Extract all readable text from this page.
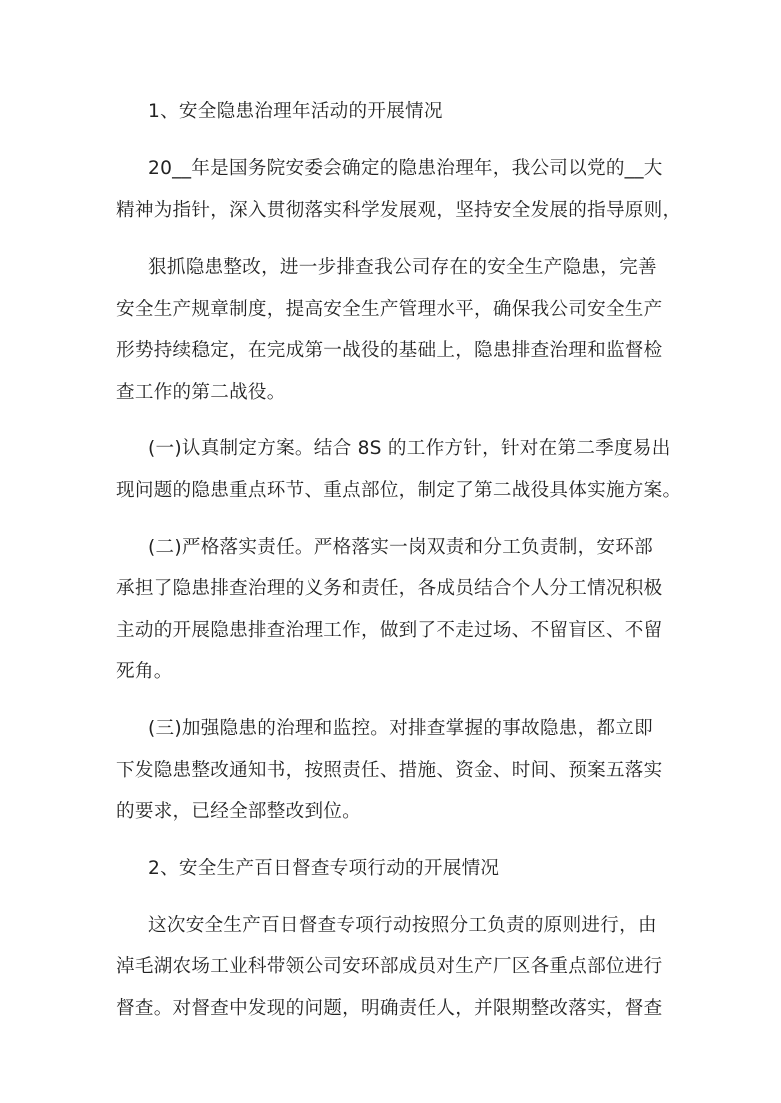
1、安全隐患治理年活动的开展情况
20__年是国务院安委会确定的隐患治理年，我公司以党的__大
精神为指针，深入贯彻落实科学发展观，坚持安全发展的指导原则，
狠抓隐患整改，进一步排查我公司存在的安全生产隐患，完善
安全生产规章制度，提高安全生产管理水平，确保我公司安全生产
形势持续稳定，在完成第一战役的基础上，隐患排查治理和监督检
查工作的第二战役。
(一)认真制定方案。结合 8S 的工作方针，针对在第二季度易出
现问题的隐患重点环节、重点部位，制定了第二战役具体实施方案。
(二)严格落实责任。严格落实一岗双责和分工负责制，安环部
承担了隐患排查治理的义务和责任，各成员结合个人分工情况积极
主动的开展隐患排查治理工作，做到了不走过场、不留盲区、不留
死角。
(三)加强隐患的治理和监控。对排查掌握的事故隐患，都立即
下发隐患整改通知书，按照责任、措施、资金、时间、预案五落实
的要求，已经全部整改到位。
2、安全生产百日督查专项行动的开展情况
这次安全生产百日督查专项行动按照分工负责的原则进行，由
淖毛湖农场工业科带领公司安环部成员对生产厂区各重点部位进行
督查。对督查中发现的问题，明确责任人，并限期整改落实，督查
